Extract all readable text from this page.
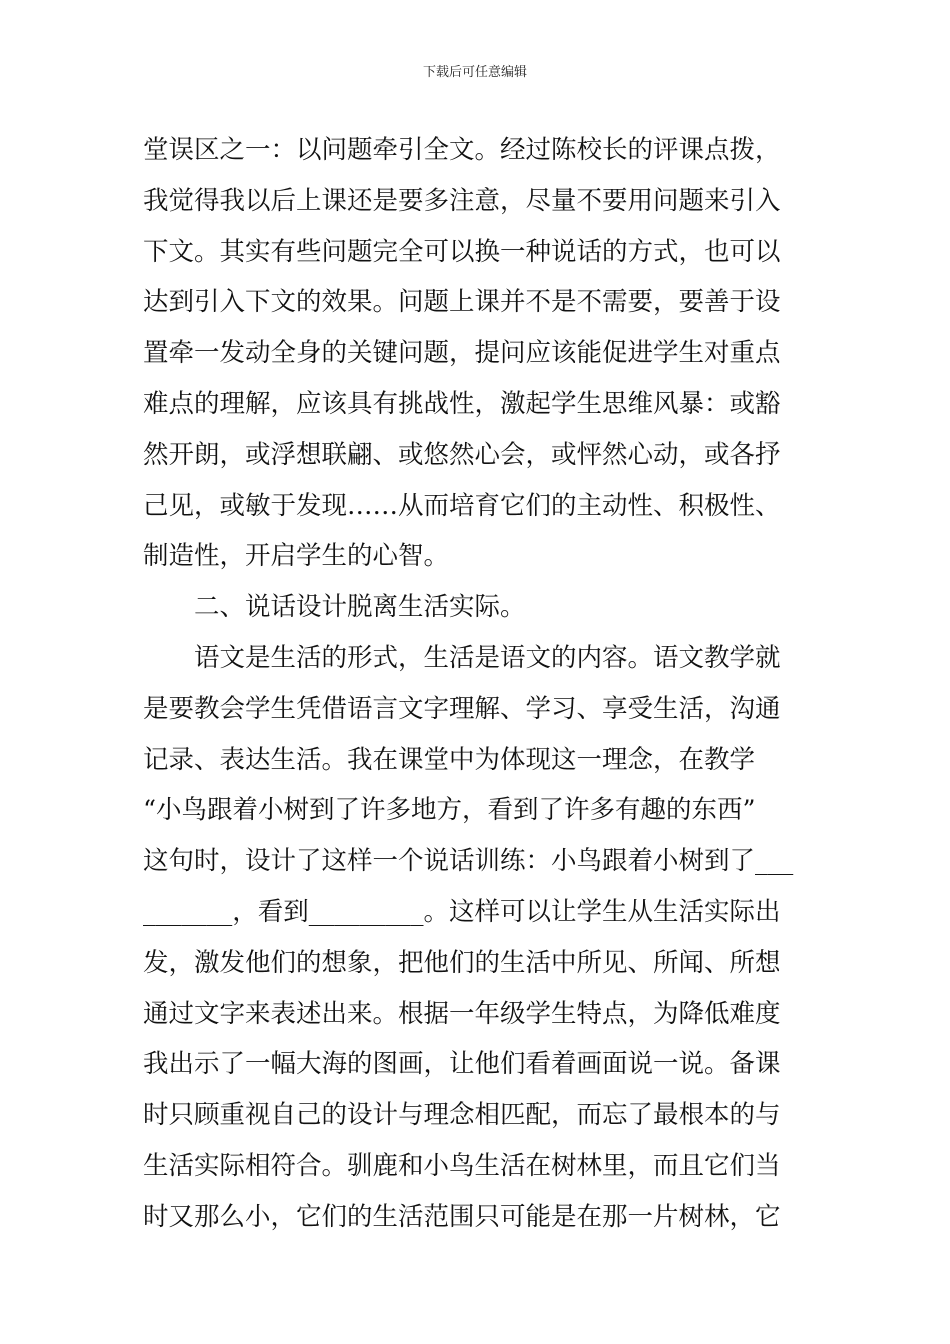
下载后可任意编辑
堂误区之一：以问题牵引全文。经过陈校长的评课点拨，
我觉得我以后上课还是要多注意，尽量不要用问题来引入
下文。其实有些问题完全可以换一种说话的方式，也可以
达到引入下文的效果。问题上课并不是不需要，要善于设
置牵一发动全身的关键问题，提问应该能促进学生对重点
难点的理解，应该具有挑战性，激起学生思维风暴：或豁
然开朗，或浮想联翩、或悠然心会，或怦然心动，或各抒
己见，或敏于发现……从而培育它们的主动性、积极性、
制造性，开启学生的心智。
二、说话设计脱离生活实际。
语文是生活的形式，生活是语文的内容。语文教学就
是要教会学生凭借语言文字理解、学习、享受生活，沟通
记录、表达生活。我在课堂中为体现这一理念，在教学
“小鸟跟着小树到了许多地方，看到了许多有趣的东西”
这句时，设计了这样一个说话训练：小鸟跟着小树到了___
_______，看到_________。这样可以让学生从生活实际出
发，激发他们的想象，把他们的生活中所见、所闻、所想
通过文字来表述出来。根据一年级学生特点，为降低难度
我出示了一幅大海的图画，让他们看着画面说一说。备课
时只顾重视自己的设计与理念相匹配，而忘了最根本的与
生活实际相符合。驯鹿和小鸟生活在树林里，而且它们当
时又那么小，它们的生活范围只可能是在那一片树林，它
